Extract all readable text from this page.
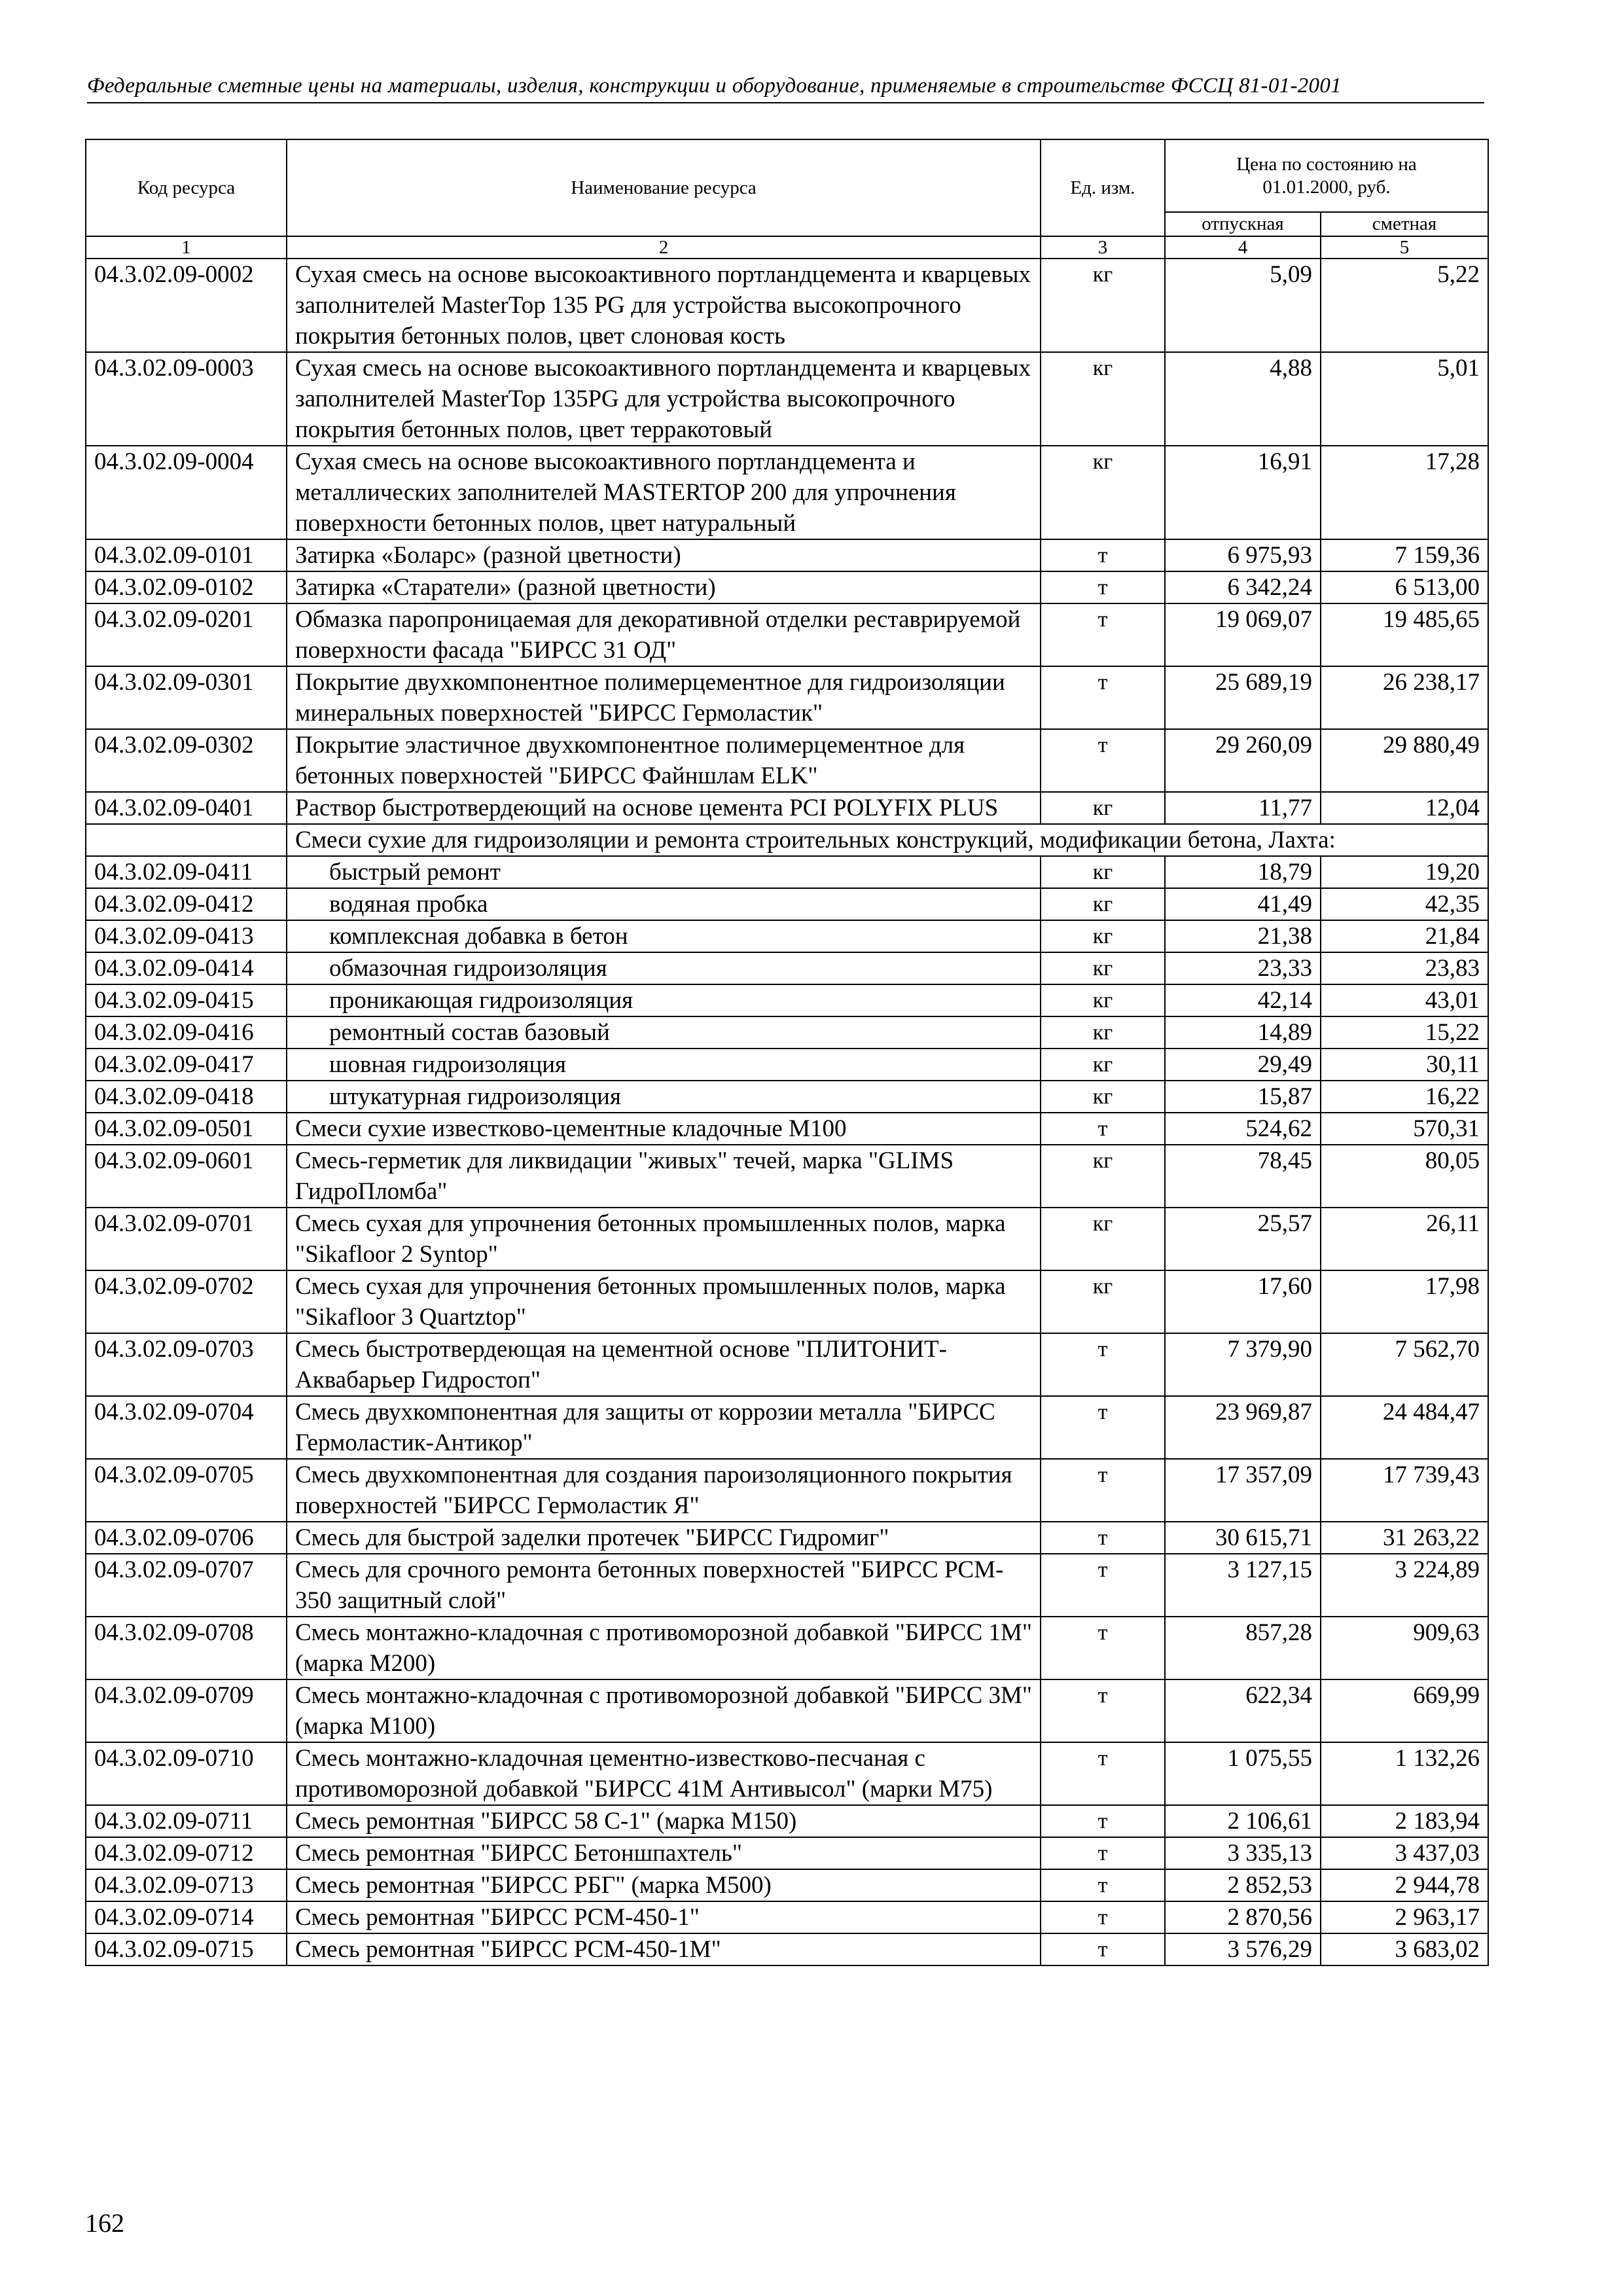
Федеральные сметные цены на материалы, изделия, конструкции и оборудование, применяемые в строительстве ФССЦ 81-01-2001
Код ресурса	Наименование ресурса	Ед. изм.	Цена по состоянию на 01.01.2000, руб.	
			отпускная	сметная
1	2	3	4	5
04.3.02.09-0002	Сухая смесь на основе высокоактивного портландцемента и кварцевых заполнителей MasterTop 135 PG для устройства высокопрочного покрытия бетонных полов, цвет слоновая кость	кг	5,09	5,22
04.3.02.09-0003	Сухая смесь на основе высокоактивного портландцемента и кварцевых заполнителей MasterTop 135PG для устройства высокопрочного покрытия бетонных полов, цвет терракотовый	кг	4,88	5,01
04.3.02.09-0004	Сухая смесь на основе высокоактивного портландцемента и металлических заполнителей MASTERTOP 200 для упрочнения поверхности бетонных полов, цвет натуральный	кг	16,91	17,28
04.3.02.09-0101	Затирка «Боларс» (разной цветности)	т	6 975,93	7 159,36
04.3.02.09-0102	Затирка «Старатели» (разной цветности)	т	6 342,24	6 513,00
04.3.02.09-0201	Обмазка паропроницаемая для декоративной отделки реставрируемой поверхности фасада "БИРСС 31 ОД"	т	19 069,07	19 485,65
04.3.02.09-0301	Покрытие двухкомпонентное полимерцементное для гидроизоляции минеральных поверхностей "БИРСС Гермоластик"	т	25 689,19	26 238,17
04.3.02.09-0302	Покрытие эластичное двухкомпонентное полимерцементное для бетонных поверхностей "БИРСС Файншлам ELK"	т	29 260,09	29 880,49
04.3.02.09-0401	Раствор быстротвердеющий на основе цемента PCI POLYFIX PLUS	кг	11,77	12,04
	Смеси сухие для гидроизоляции и ремонта строительных конструкций, модификации бетона, Лахта:			
04.3.02.09-0411	быстрый ремонт	кг	18,79	19,20
04.3.02.09-0412	водяная пробка	кг	41,49	42,35
04.3.02.09-0413	комплексная добавка в бетон	кг	21,38	21,84
04.3.02.09-0414	обмазочная гидроизоляция	кг	23,33	23,83
04.3.02.09-0415	проникающая гидроизоляция	кг	42,14	43,01
04.3.02.09-0416	ремонтный состав базовый	кг	14,89	15,22
04.3.02.09-0417	шовная гидроизоляция	кг	29,49	30,11
04.3.02.09-0418	штукатурная гидроизоляция	кг	15,87	16,22
04.3.02.09-0501	Смеси сухие известково-цементные кладочные М100	т	524,62	570,31
04.3.02.09-0601	Смесь-герметик для ликвидации "живых" течей, марка "GLIMS ГидроПломба"	кг	78,45	80,05
04.3.02.09-0701	Смесь сухая для упрочнения бетонных промышленных полов, марка "Sikafloor 2 Syntop"	кг	25,57	26,11
04.3.02.09-0702	Смесь сухая для упрочнения бетонных промышленных полов, марка "Sikafloor 3 Quartztop"	кг	17,60	17,98
04.3.02.09-0703	Смесь быстротвердеющая на цементной основе "ПЛИТОНИТ- Аквабарьер Гидростоп"	т	7 379,90	7 562,70
04.3.02.09-0704	Смесь двухкомпонентная для защиты от коррозии металла "БИРСС Гермоластик-Антикор"	т	23 969,87	24 484,47
04.3.02.09-0705	Смесь двухкомпонентная для создания пароизоляционного покрытия поверхностей "БИРСС Гермоластик Я"	т	17 357,09	17 739,43
04.3.02.09-0706	Смесь для быстрой заделки протечек "БИРСС Гидромиг"	т	30 615,71	31 263,22
04.3.02.09-0707	Смесь для срочного ремонта бетонных поверхностей "БИРСС PCM-350 защитный слой"	т	3 127,15	3 224,89
04.3.02.09-0708	Смесь монтажно-кладочная с противоморозной добавкой "БИРСС 1М" (марка М200)	т	857,28	909,63
04.3.02.09-0709	Смесь монтажно-кладочная с противоморозной добавкой "БИРСС 3М" (марка М100)	т	622,34	669,99
04.3.02.09-0710	Смесь монтажно-кладочная цементно-известково-песчаная с противоморозной добавкой "БИРСС 41М Антивысол" (марки М75)	т	1 075,55	1 132,26
04.3.02.09-0711	Смесь ремонтная "БИРСС 58 С-1" (марка М150)	т	2 106,61	2 183,94
04.3.02.09-0712	Смесь ремонтная "БИРСС Бетоншпахтель"	т	3 335,13	3 437,03
04.3.02.09-0713	Смесь ремонтная "БИРСС РБГ" (марка М500)	т	2 852,53	2 944,78
04.3.02.09-0714	Смесь ремонтная "БИРСС PCM-450-1"	т	2 870,56	2 963,17
04.3.02.09-0715	Смесь ремонтная "БИРСС PCM-450-1М"	т	3 576,29	3 683,02
162
